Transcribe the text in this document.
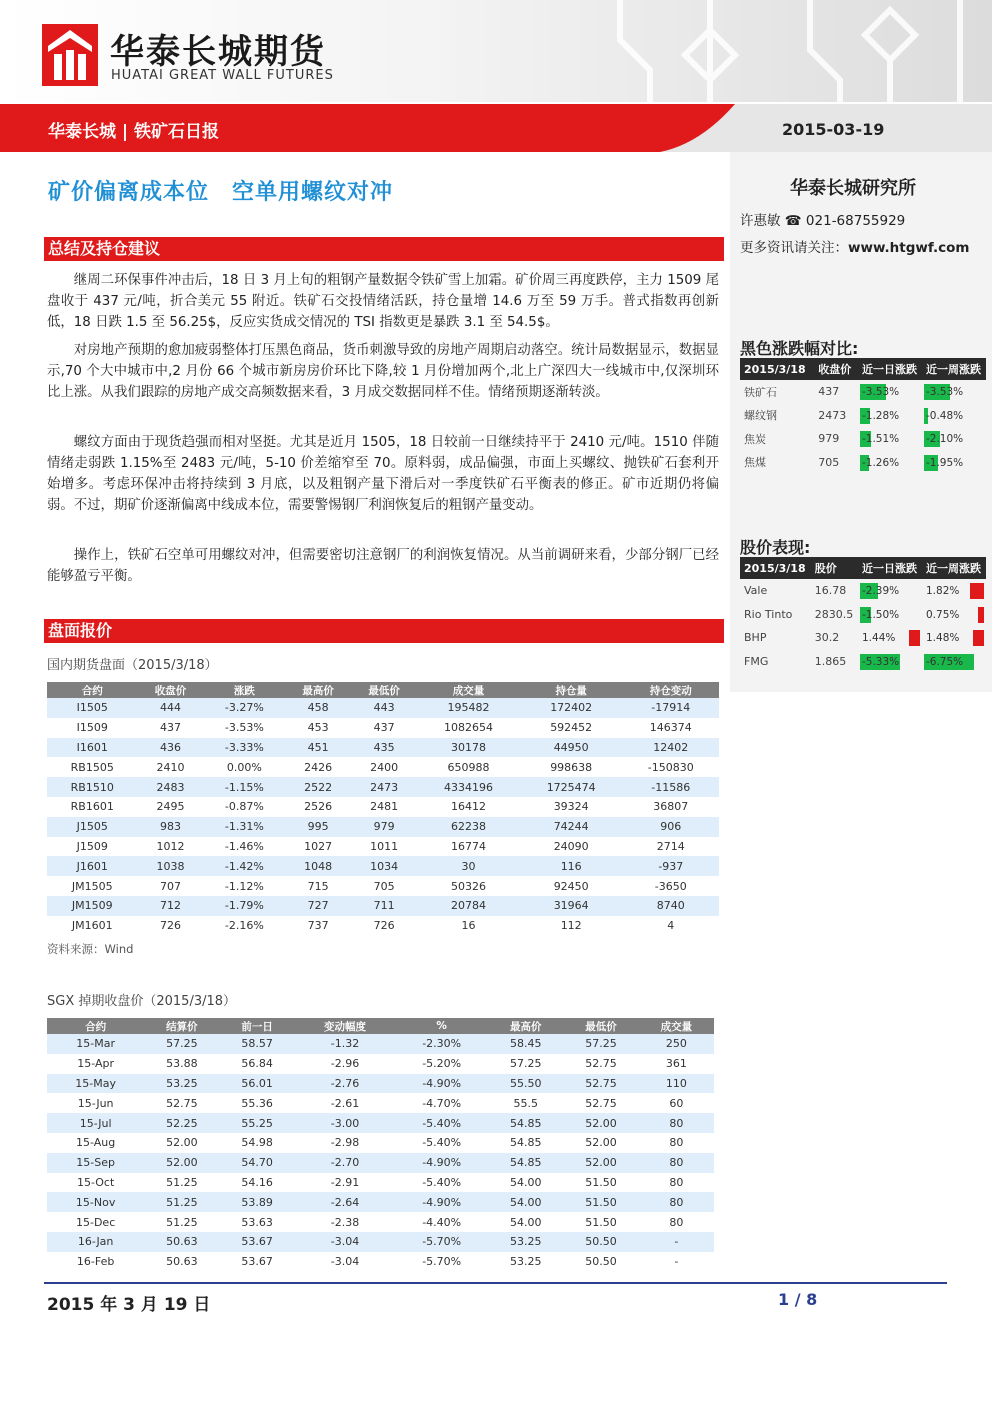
华泰长城期货
HUATAI GREAT WALL FUTURES
华泰长城 | 铁矿石日报	2015-03-19
矿价偏离成本位　空单用螺纹对冲
总结及持仓建议
继周二环保事件冲击后，18 日 3 月上旬的粗钢产量数据令铁矿雪上加霜。矿价周三再度跌停，主力 1509 尾盘收于 437 元/吨，折合美元 55 附近。铁矿石交投情绪活跃，持仓量增 14.6 万至 59 万手。普式指数再创新低，18 日跌 1.5 至 56.25$，反应实货成交情况的 TSI 指数更是暴跌 3.1 至 54.5$。
对房地产预期的愈加疲弱整体打压黑色商品，货币刺激导致的房地产周期启动落空。统计局数据显示，数据显示,70 个大中城市中,2 月份 66 个城市新房房价环比下降,较 1 月份增加两个,北上广深四大一线城市中,仅深圳环比上涨。从我们跟踪的房地产成交高频数据来看，3 月成交数据同样不佳。情绪预期逐渐转淡。
螺纹方面由于现货趋强而相对坚挺。尤其是近月 1505，18 日较前一日继续持平于 2410 元/吨。1510 伴随情绪走弱跌 1.15%至 2483 元/吨，5-10 价差缩窄至 70。原料弱，成品偏强，市面上买螺纹、抛铁矿石套利开始增多。考虑环保冲击将持续到 3 月底，以及粗钢产量下滑后对一季度铁矿石平衡表的修正。矿市近期仍将偏弱。不过，期矿价逐渐偏离中线成本位，需要警惕钢厂利润恢复后的粗钢产量变动。
操作上，铁矿石空单可用螺纹对冲，但需要密切注意钢厂的利润恢复情况。从当前调研来看，少部分钢厂已经能够盈亏平衡。
华泰长城研究所
许惠敏 ☎ 021-68755929
更多资讯请关注：www.htgwf.com
黑色涨跌幅对比:
2015/3/18	收盘价	近一日涨跌	近一周涨跌
铁矿石	437	-3.53%	-3.53%
螺纹钢	2473	-1.28%	-0.48%
焦炭	979	-1.51%	-2.10%
焦煤	705	-1.26%	-1.95%
股价表现:
2015/3/18	股价	近一日涨跌	近一周涨跌
Vale	16.78	-2.39%	1.82%
Rio Tinto	2830.5	-1.50%	0.75%
BHP	30.2	1.44%	1.48%
FMG	1.865	-5.33%	-6.75%
盘面报价
国内期货盘面（2015/3/18）
合约	收盘价	涨跌	最高价	最低价	成交量	持仓量	持仓变动
I1505	444	-3.27%	458	443	195482	172402	-17914
I1509	437	-3.53%	453	437	1082654	592452	146374
I1601	436	-3.33%	451	435	30178	44950	12402
RB1505	2410	0.00%	2426	2400	650988	998638	-150830
RB1510	2483	-1.15%	2522	2473	4334196	1725474	-11586
RB1601	2495	-0.87%	2526	2481	16412	39324	36807
J1505	983	-1.31%	995	979	62238	74244	906
J1509	1012	-1.46%	1027	1011	16774	24090	2714
J1601	1038	-1.42%	1048	1034	30	116	-937
JM1505	707	-1.12%	715	705	50326	92450	-3650
JM1509	712	-1.79%	727	711	20784	31964	8740
JM1601	726	-2.16%	737	726	16	112	4
资料来源：Wind
SGX 掉期收盘价（2015/3/18）
合约	结算价	前一日	变动幅度	%	最高价	最低价	成交量
15-Mar	57.25	58.57	-1.32	-2.30%	58.45	57.25	250
15-Apr	53.88	56.84	-2.96	-5.20%	57.25	52.75	361
15-May	53.25	56.01	-2.76	-4.90%	55.50	52.75	110
15-Jun	52.75	55.36	-2.61	-4.70%	55.5	52.75	60
15-Jul	52.25	55.25	-3.00	-5.40%	54.85	52.00	80
15-Aug	52.00	54.98	-2.98	-5.40%	54.85	52.00	80
15-Sep	52.00	54.70	-2.70	-4.90%	54.85	52.00	80
15-Oct	51.25	54.16	-2.91	-5.40%	54.00	51.50	80
15-Nov	51.25	53.89	-2.64	-4.90%	54.00	51.50	80
15-Dec	51.25	53.63	-2.38	-4.40%	54.00	51.50	80
16-Jan	50.63	53.67	-3.04	-5.70%	53.25	50.50	-
16-Feb	50.63	53.67	-3.04	-5.70%	53.25	50.50	-
2015 年 3 月 19 日	1 / 8
